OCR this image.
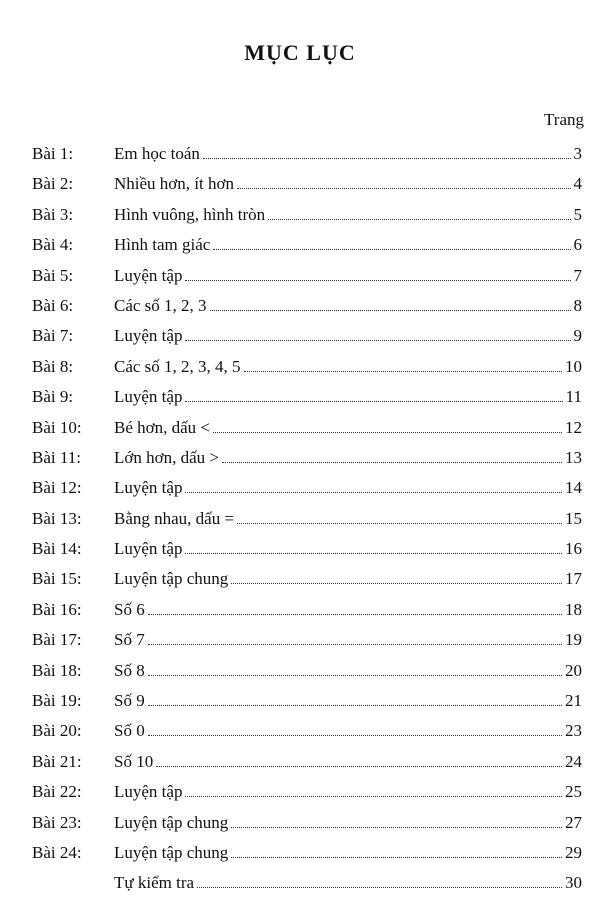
MỤC LỤC
Trang
Bài 1: Em học toán	3
Bài 2: Nhiều hơn, ít hơn	4
Bài 3: Hình vuông, hình tròn	5
Bài 4: Hình tam giác	6
Bài 5: Luyện tập	7
Bài 6: Các số 1, 2, 3	8
Bài 7: Luyện tập	9
Bài 8: Các số 1, 2, 3, 4, 5	10
Bài 9: Luyện tập	11
Bài 10: Bé hơn, dấu <	12
Bài 11: Lớn hơn, dấu >	13
Bài 12: Luyện tập	14
Bài 13: Bằng nhau, dấu =	15
Bài 14: Luyện tập	16
Bài 15: Luyện tập chung	17
Bài 16: Số 6	18
Bài 17: Số 7	19
Bài 18: Số 8	20
Bài 19: Số 9	21
Bài 20: Số 0	23
Bài 21: Số 10	24
Bài 22: Luyện tập	25
Bài 23: Luyện tập chung	27
Bài 24: Luyện tập chung	29
Tự kiểm tra	30
